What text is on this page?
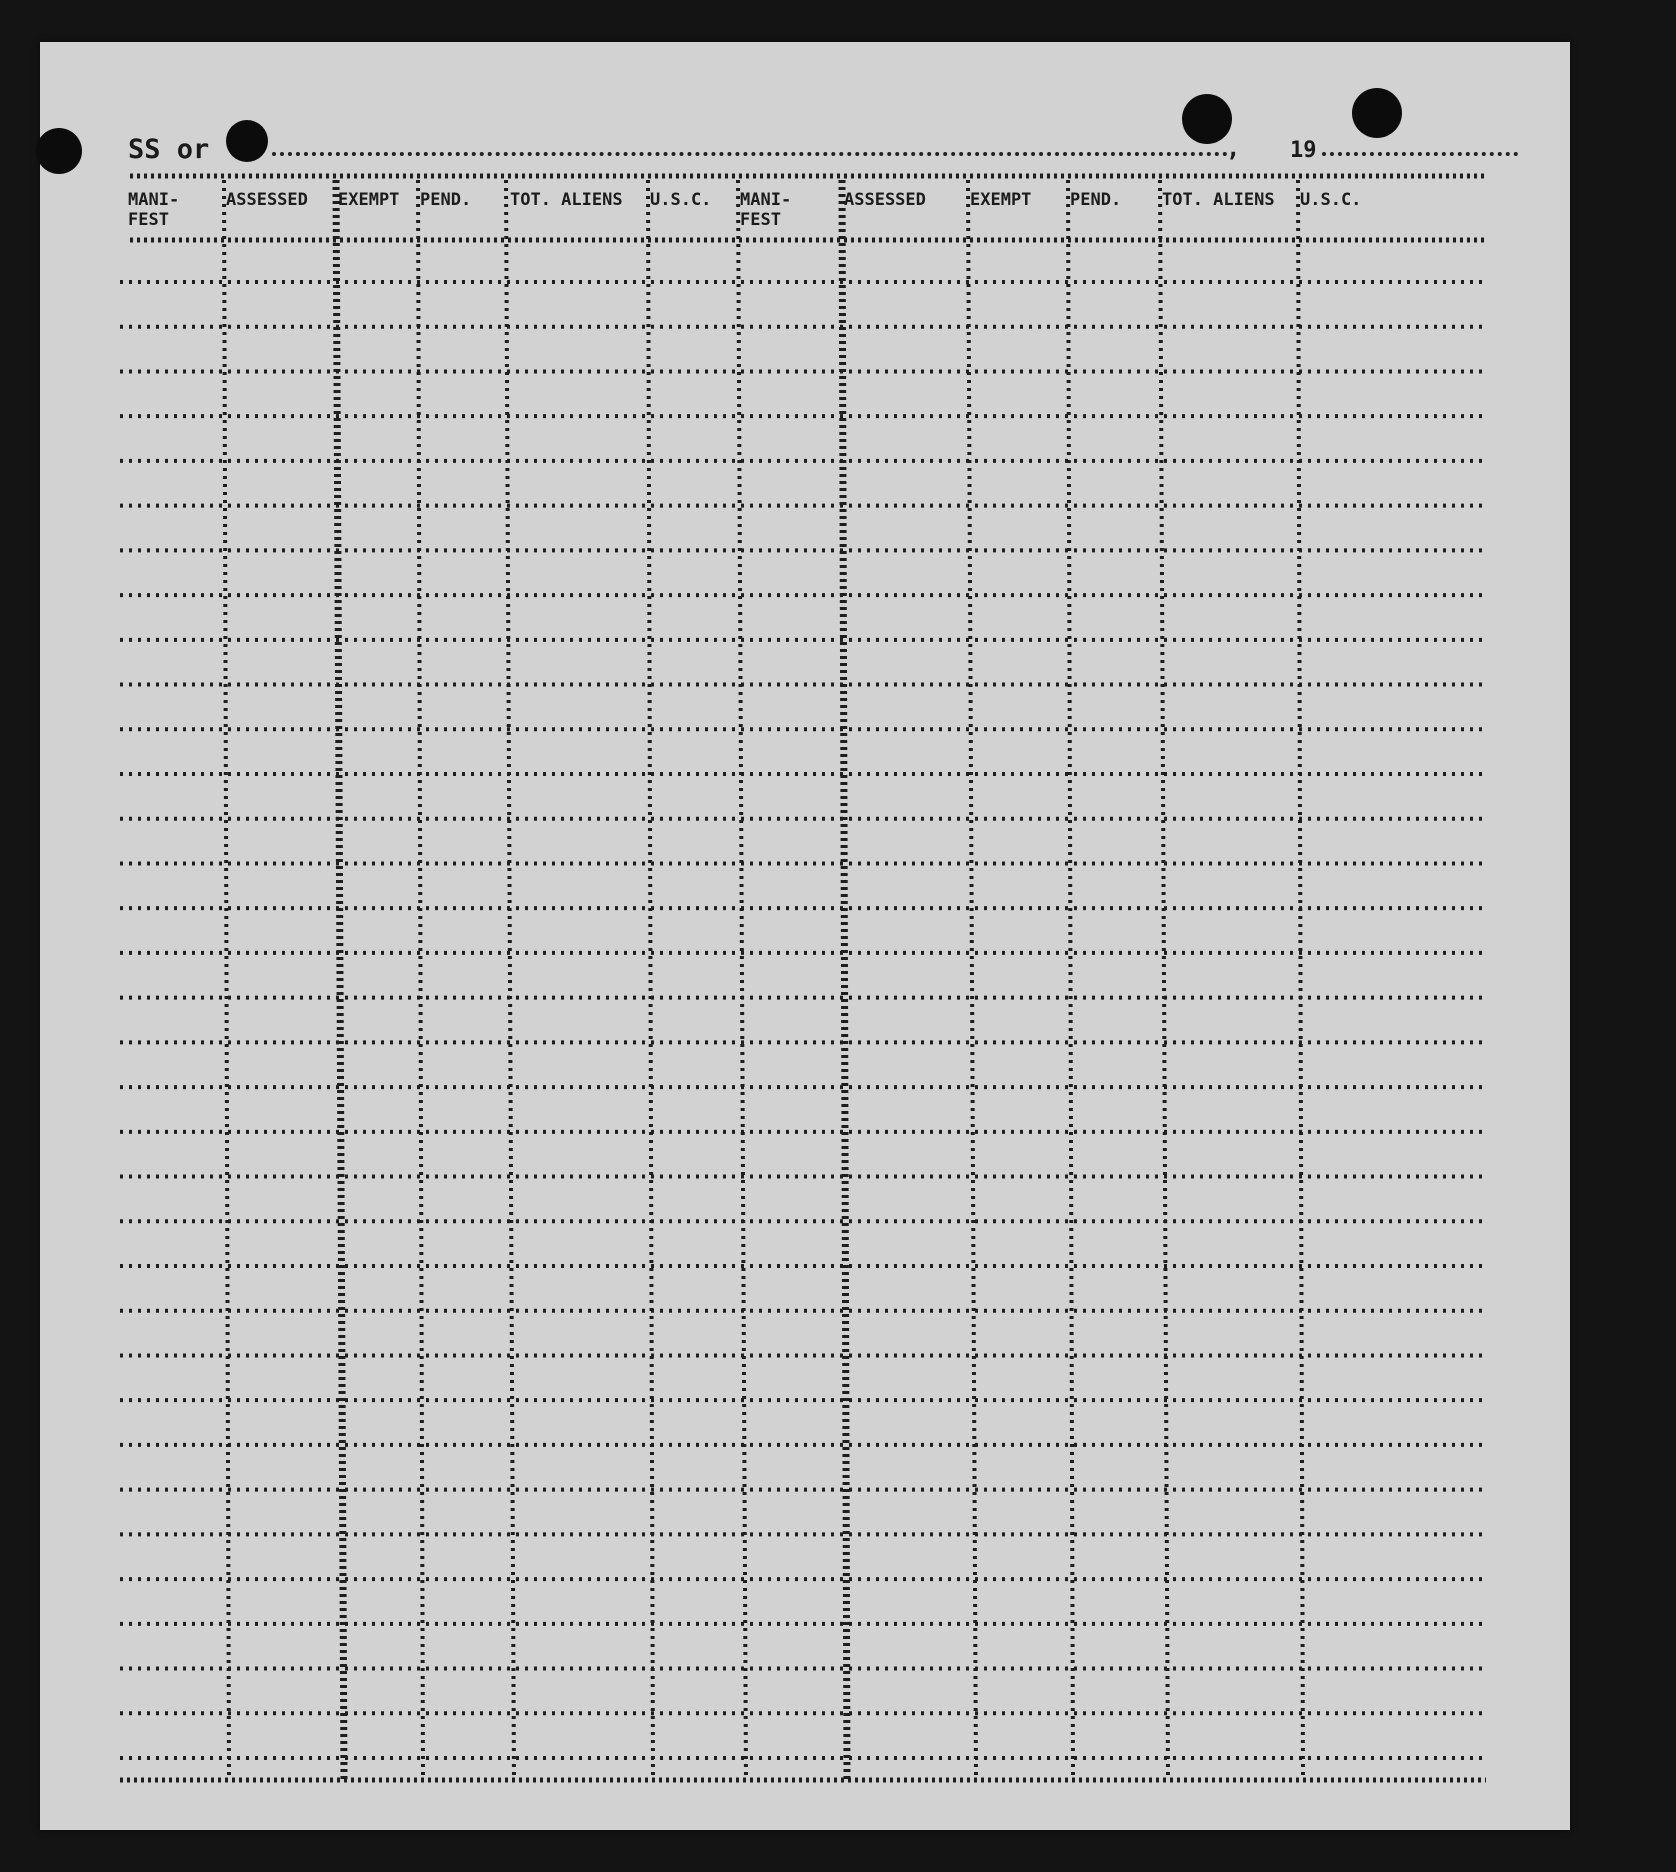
SS or	, 19
MANI-
FEST
ASSESSED EXEMPT PEND. TOT. ALIENS U.S.C. MANI-
FEST
ASSESSED	EXEMPT PEND. TOT. ALIENS U.S.C.
